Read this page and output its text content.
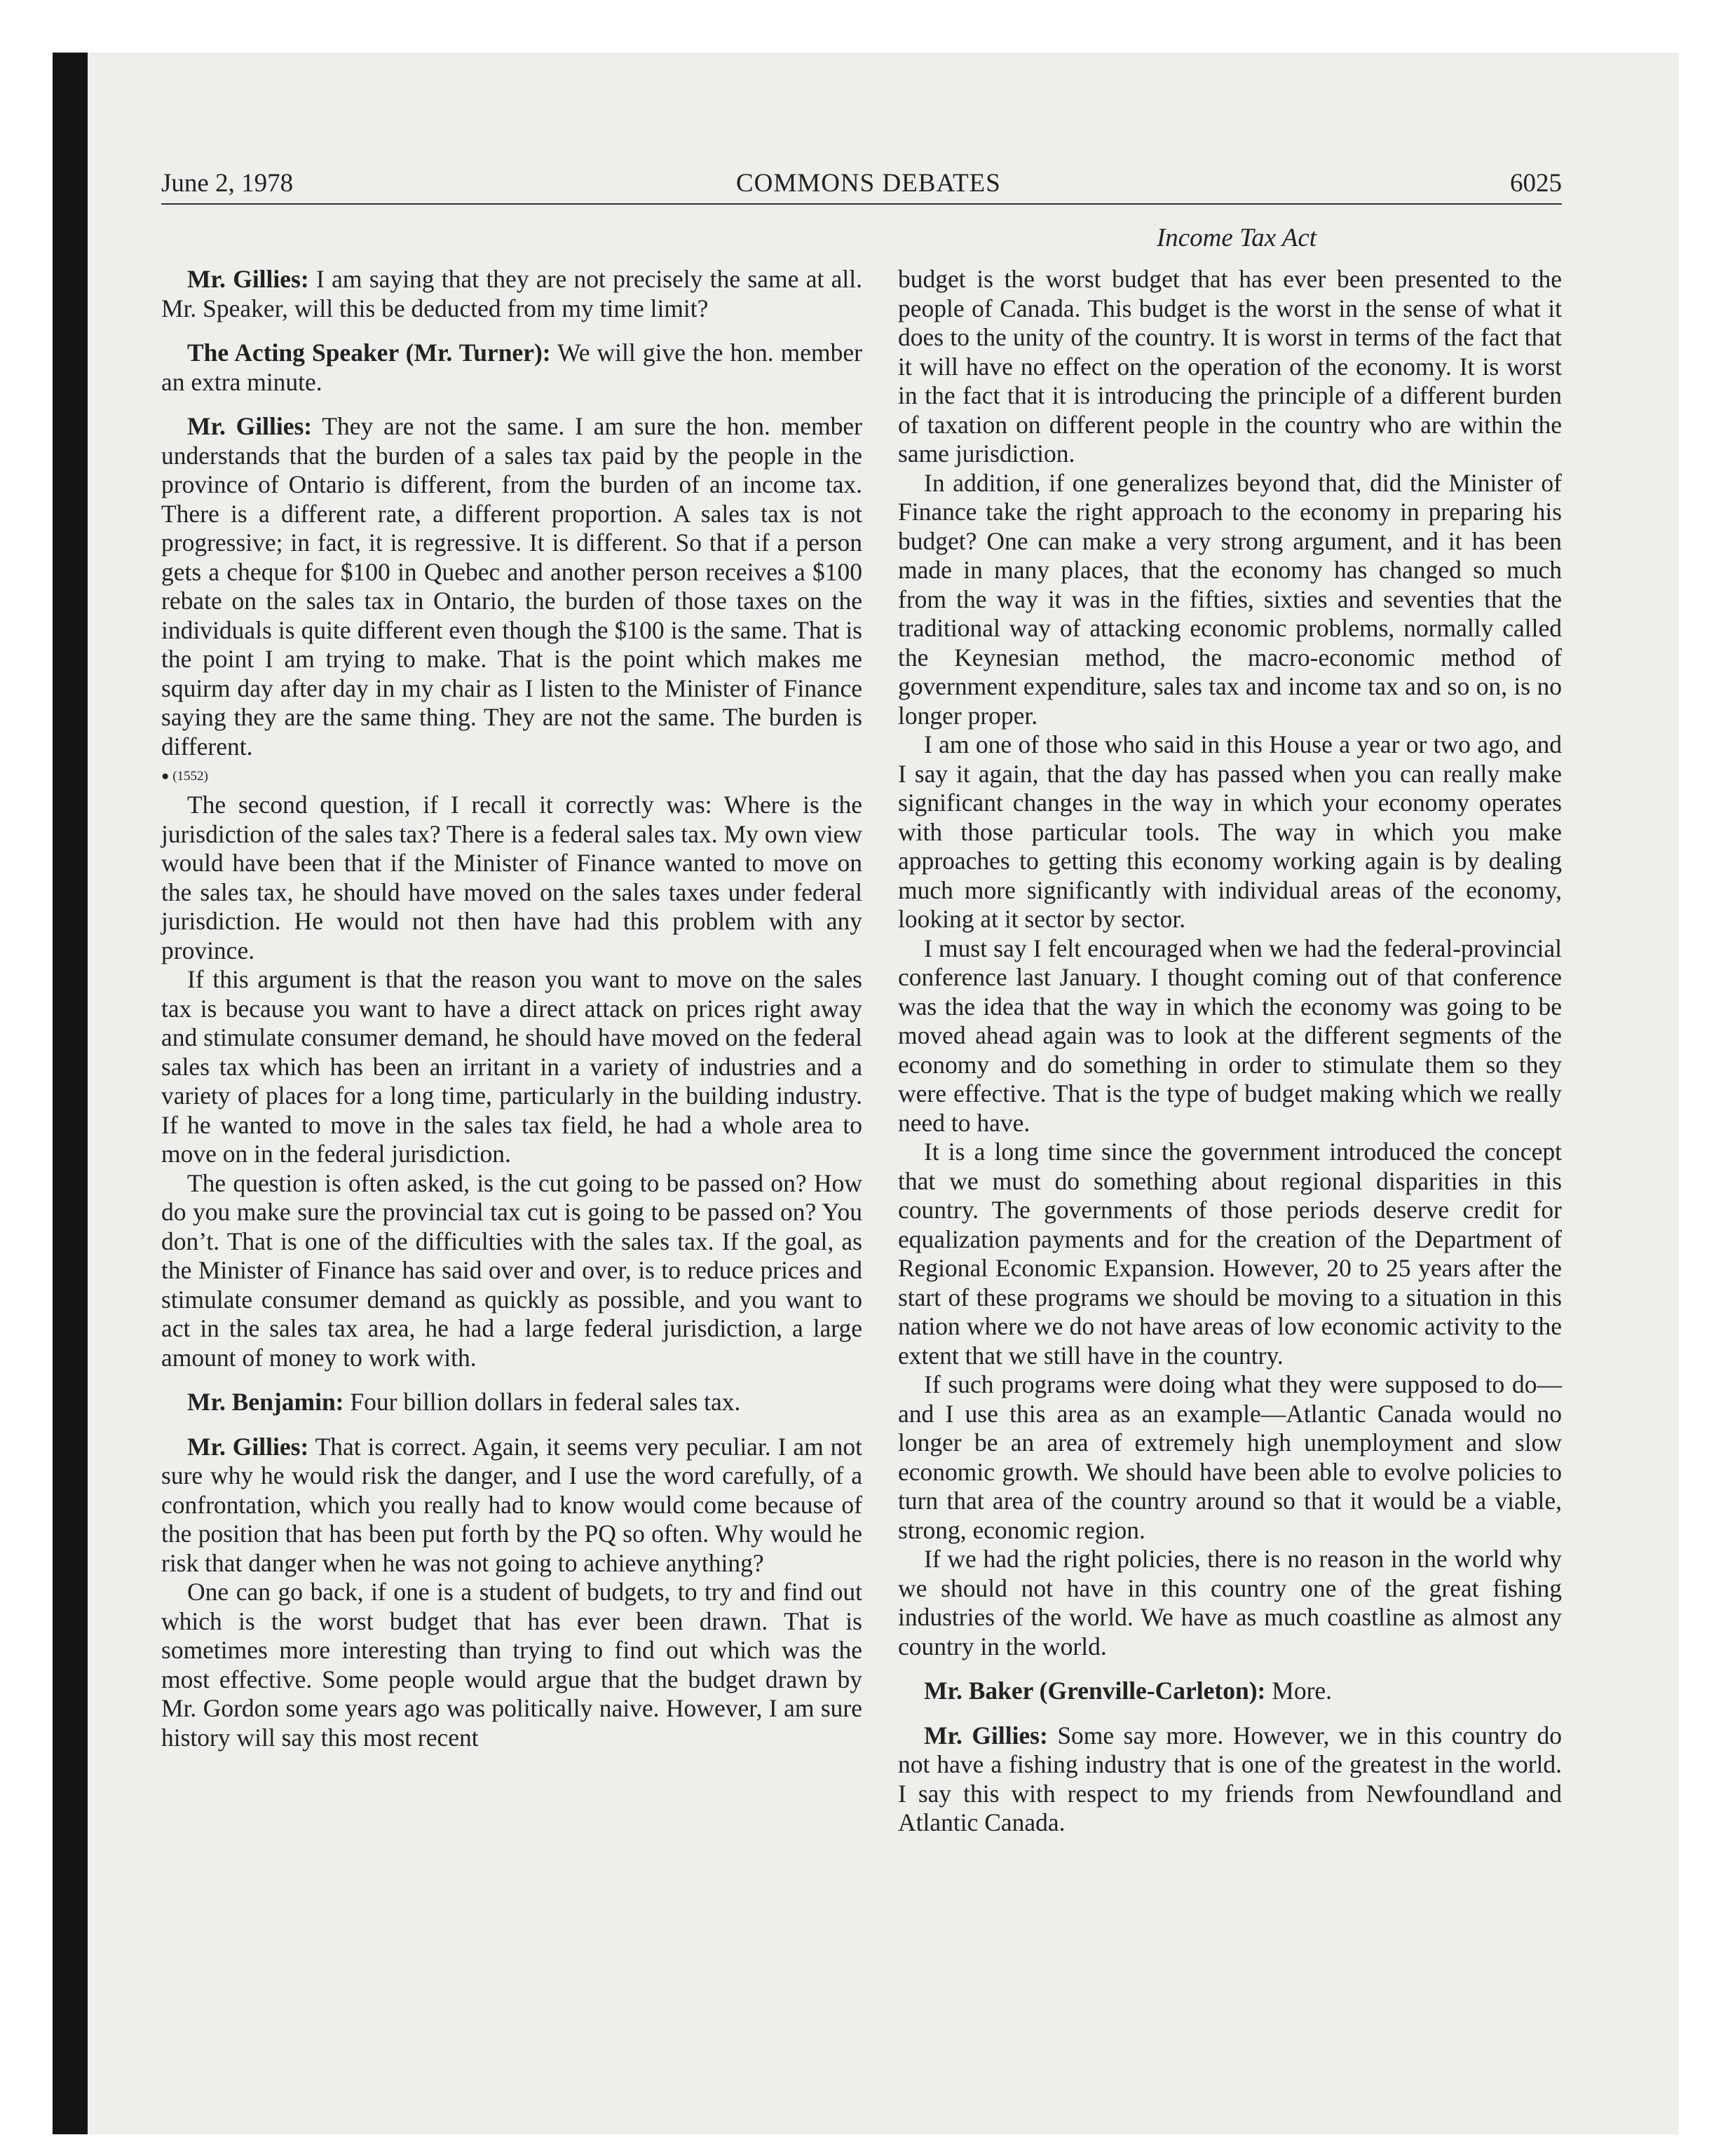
June 2, 1978	COMMONS DEBATES	6025
Income Tax Act

Mr. Gillies: I am saying that they are not precisely the same at all. Mr. Speaker, will this be deducted from my time limit?

The Acting Speaker (Mr. Turner): We will give the hon. member an extra minute.

Mr. Gillies: They are not the same. I am sure the hon. member understands that the burden of a sales tax paid by the people in the province of Ontario is different, from the burden of an income tax. There is a different rate, a different proportion. A sales tax is not progressive; in fact, it is regressive. It is different. So that if a person gets a cheque for $100 in Quebec and another person receives a $100 rebate on the sales tax in Ontario, the burden of those taxes on the individuals is quite different even though the $100 is the same. That is the point I am trying to make. That is the point which makes me squirm day after day in my chair as I listen to the Minister of Finance saying they are the same thing. They are not the same. The burden is different.

● (1552)

The second question, if I recall it correctly was: Where is the jurisdiction of the sales tax? There is a federal sales tax. My own view would have been that if the Minister of Finance wanted to move on the sales tax, he should have moved on the sales taxes under federal jurisdiction. He would not then have had this problem with any province.

If this argument is that the reason you want to move on the sales tax is because you want to have a direct attack on prices right away and stimulate consumer demand, he should have moved on the federal sales tax which has been an irritant in a variety of industries and a variety of places for a long time, particularly in the building industry. If he wanted to move in the sales tax field, he had a whole area to move on in the federal jurisdiction.

The question is often asked, is the cut going to be passed on? How do you make sure the provincial tax cut is going to be passed on? You don’t. That is one of the difficulties with the sales tax. If the goal, as the Minister of Finance has said over and over, is to reduce prices and stimulate consumer demand as quickly as possible, and you want to act in the sales tax area, he had a large federal jurisdiction, a large amount of money to work with.

Mr. Benjamin: Four billion dollars in federal sales tax.

Mr. Gillies: That is correct. Again, it seems very peculiar. I am not sure why he would risk the danger, and I use the word carefully, of a confrontation, which you really had to know would come because of the position that has been put forth by the PQ so often. Why would he risk that danger when he was not going to achieve anything?

One can go back, if one is a student of budgets, to try and find out which is the worst budget that has ever been drawn. That is sometimes more interesting than trying to find out which was the most effective. Some people would argue that the budget drawn by Mr. Gordon some years ago was politically naive. However, I am sure history will say this most recent

budget is the worst budget that has ever been presented to the people of Canada. This budget is the worst in the sense of what it does to the unity of the country. It is worst in terms of the fact that it will have no effect on the operation of the economy. It is worst in the fact that it is introducing the principle of a different burden of taxation on different people in the country who are within the same jurisdiction.

In addition, if one generalizes beyond that, did the Minister of Finance take the right approach to the economy in preparing his budget? One can make a very strong argument, and it has been made in many places, that the economy has changed so much from the way it was in the fifties, sixties and seventies that the traditional way of attacking economic problems, normally called the Keynesian method, the macro-economic method of government expenditure, sales tax and income tax and so on, is no longer proper.

I am one of those who said in this House a year or two ago, and I say it again, that the day has passed when you can really make significant changes in the way in which your economy operates with those particular tools. The way in which you make approaches to getting this economy working again is by dealing much more significantly with individual areas of the economy, looking at it sector by sector.

I must say I felt encouraged when we had the federal-provincial conference last January. I thought coming out of that conference was the idea that the way in which the economy was going to be moved ahead again was to look at the different segments of the economy and do something in order to stimulate them so they were effective. That is the type of budget making which we really need to have.

It is a long time since the government introduced the concept that we must do something about regional disparities in this country. The governments of those periods deserve credit for equalization payments and for the creation of the Department of Regional Economic Expansion. However, 20 to 25 years after the start of these programs we should be moving to a situation in this nation where we do not have areas of low economic activity to the extent that we still have in the country.

If such programs were doing what they were supposed to do—and I use this area as an example—Atlantic Canada would no longer be an area of extremely high unemployment and slow economic growth. We should have been able to evolve policies to turn that area of the country around so that it would be a viable, strong, economic region.

If we had the right policies, there is no reason in the world why we should not have in this country one of the great fishing industries of the world. We have as much coastline as almost any country in the world.

Mr. Baker (Grenville-Carleton): More.

Mr. Gillies: Some say more. However, we in this country do not have a fishing industry that is one of the greatest in the world. I say this with respect to my friends from Newfoundland and Atlantic Canada.
